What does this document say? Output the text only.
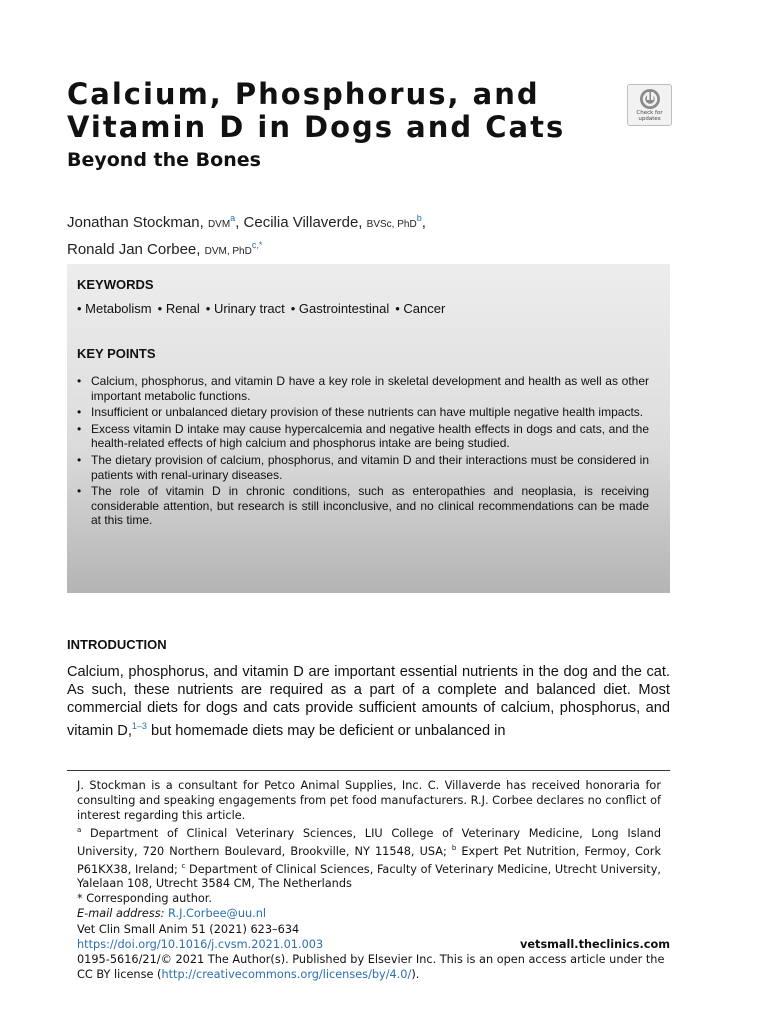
Calcium, Phosphorus, and Vitamin D in Dogs and Cats
Beyond the Bones
Check for updates
Jonathan Stockman, DVM$^a$, Cecilia Villaverde, BVSc, PhD$^b$,
Ronald Jan Corbee, DVM, PhD$^{c,*}$
KEYWORDS
• Metabolism	• Renal	• Urinary tract	• Gastrointestinal	• Cancer
KEY POINTS
• Calcium, phosphorus, and vitamin D have a key role in skeletal development and health as well as other important metabolic functions.
• Insufficient or unbalanced dietary provision of these nutrients can have multiple negative health impacts.
• Excess vitamin D intake may cause hypercalcemia and negative health effects in dogs and cats, and the health-related effects of high calcium and phosphorus intake are being studied.
• The dietary provision of calcium, phosphorus, and vitamin D and their interactions must be considered in patients with renal-urinary diseases.
• The role of vitamin D in chronic conditions, such as enteropathies and neoplasia, is receiving considerable attention, but research is still inconclusive, and no clinical recommendations can be made at this time.
INTRODUCTION
Calcium, phosphorus, and vitamin D are important essential nutrients in the dog and the cat. As such, these nutrients are required as a part of a complete and balanced diet. Most commercial diets for dogs and cats provide sufficient amounts of calcium, phosphorus, and vitamin D,$^{1-3}$ but homemade diets may be deficient or unbalanced in

J. Stockman is a consultant for Petco Animal Supplies, Inc. C. Villaverde has received honoraria for consulting and speaking engagements from pet food manufacturers. R.J. Corbee declares no conflict of interest regarding this article.

$^a$ Department of Clinical Veterinary Sciences, LIU College of Veterinary Medicine, Long Island University, 720 Northern Boulevard, Brookville, NY 11548, USA; $^b$ Expert Pet Nutrition, Fermoy, Cork P61KX38, Ireland; $^c$ Department of Clinical Sciences, Faculty of Veterinary Medicine, Utrecht University, Yalelaan 108, Utrecht 3584 CM, The Netherlands

* Corresponding author.

E-mail address: R.J.Corbee@uu.nl

Vet Clin Small Anim 51 (2021) 623–634
https://doi.org/10.1016/j.cvsm.2021.01.003	vetsmall.theclinics.com
0195-5616/21/© 2021 The Author(s). Published by Elsevier Inc. This is an open access article under the CC BY license (http://creativecommons.org/licenses/by/4.0/).
